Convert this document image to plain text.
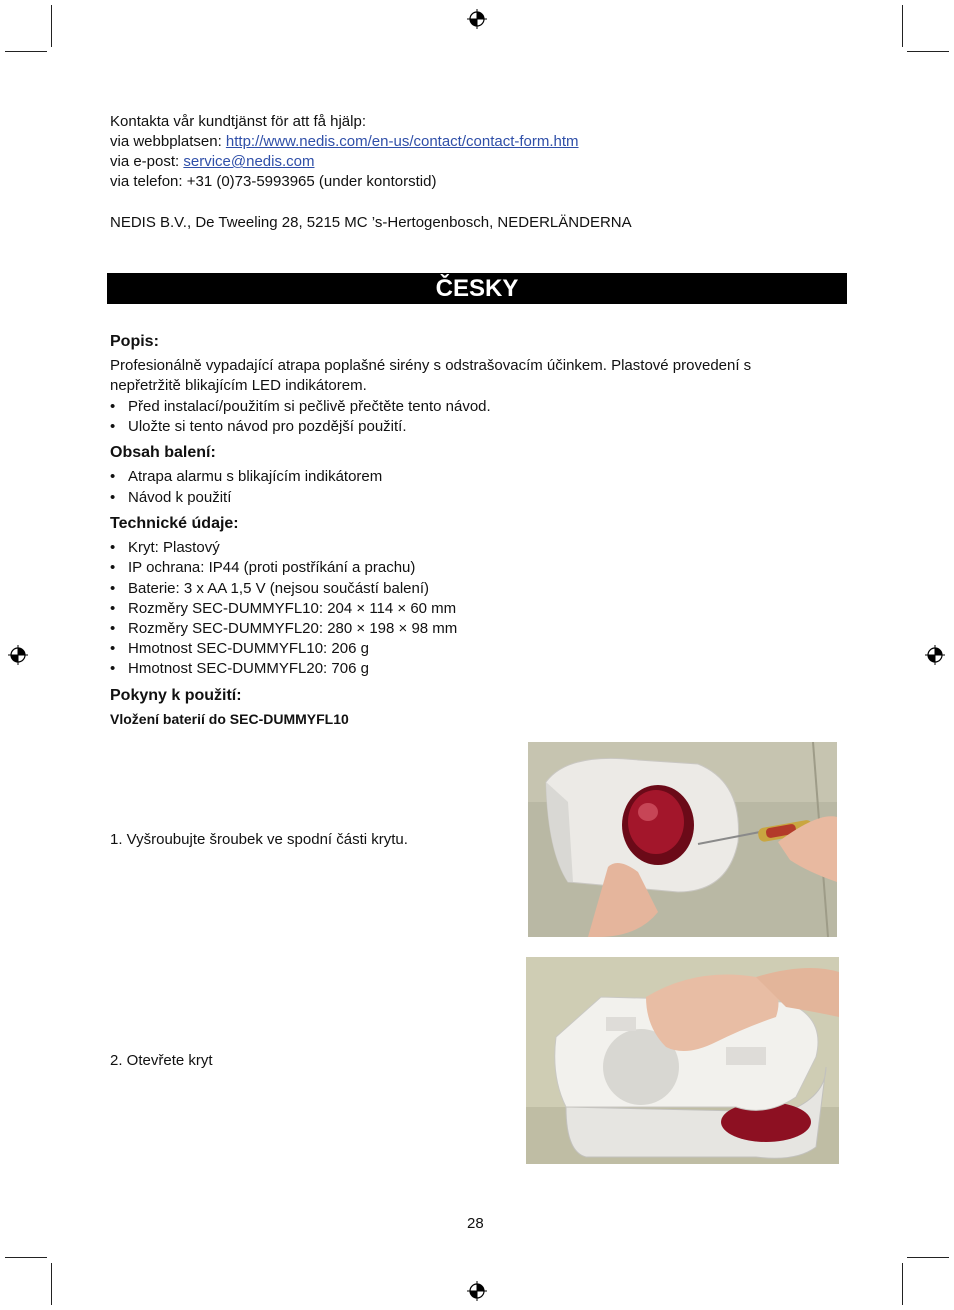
Kontakta vår kundtjänst för att få hjälp:
via webbplatsen: http://www.nedis.com/en-us/contact/contact-form.htm
via e-post: service@nedis.com
via telefon: +31 (0)73-5993965 (under kontorstid)
NEDIS B.V., De Tweeling 28, 5215 MC ’s-Hertogenbosch, NEDERLÄNDERNA
ČESKY
Popis:
Profesionálně vypadající atrapa poplašné sirény s odstrašovacím účinkem. Plastové provedení s
nepřetržitě blikajícím LED indikátorem.
• Před instalací/použitím si pečlivě přečtěte tento návod.
• Uložte si tento návod pro pozdější použití.
Obsah balení:
• Atrapa alarmu s blikajícím indikátorem
• Návod k použití
Technické údaje:
• Kryt: Plastový
• IP ochrana: IP44 (proti postříkání a prachu)
• Baterie: 3 x AA 1,5 V (nejsou součástí balení)
• Rozměry SEC-DUMMYFL10: 204 × 114 × 60 mm
• Rozměry SEC-DUMMYFL20: 280 × 198 × 98 mm
• Hmotnost SEC-DUMMYFL10: 206 g
• Hmotnost SEC-DUMMYFL20: 706 g
Pokyny k použití:
Vložení baterií do SEC-DUMMYFL10
1. Vyšroubujte šroubek ve spodní části krytu.
2. Otevřete kryt
28
